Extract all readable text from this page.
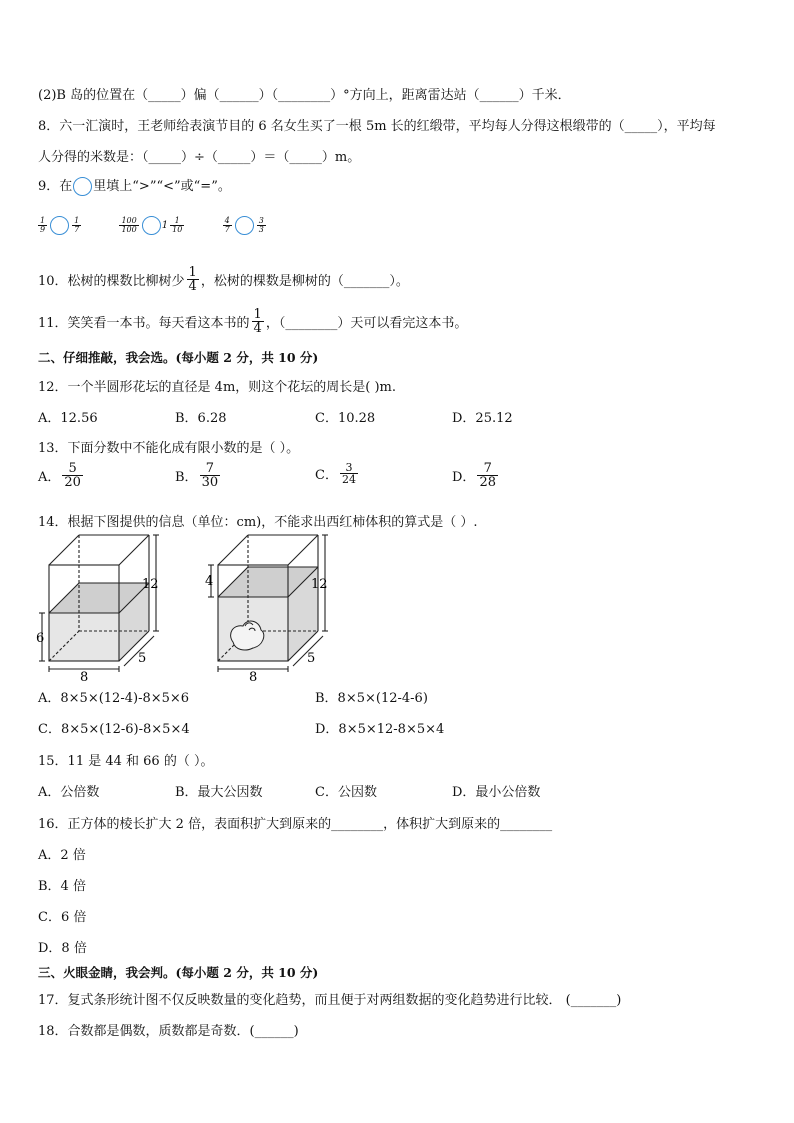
(2)B 岛的位置在（_____）偏（______）（________）°方向上，距离雷达站（______）千米．
8．六一汇演时，王老师给表演节目的 6 名女生买了一根 5m 长的红缎带，平均每人分得这根缎带的（_____），平均每
人分得的米数是：（_____）÷（_____）＝（_____）m。
9．在 里填上“>”“<”或“=”。
$\frac{1}{9}$	$\frac{1}{7}$
	$\frac{100}{100} 1 \frac{1}{10}$
	$\frac{4}{7}$	$\frac{3}{3}$
10．松树的棵数比柳树少 $\frac{1}{4}$ ，松树的棵数是柳树的（_______）。
11．笑笑看一本书。每天看这本书的 $\frac{1}{4}$ ，（________）天可以看完这本书。
二、仔细推敲，我会选。(每小题 2 分，共 10 分)
12．一个半圆形花坛的直径是 4m，则这个花坛的周长是( )m.
A．12.56	B．6.28	C．10.28	D．25.12
13．下面分数中不能化成有限小数的是（ ）。
A． $\frac{5}{20}$	B． $\frac{7}{30}$	C． $\frac{3}{24}$	D． $\frac{7}{28}$
14．根据下图提供的信息（单位：cm)，不能求出西红柿体积的算式是（ ）.
12
6
8
5
12
4
8
5
A．8×5×(12-4)-8×5×6	B．8×5×(12-4-6)
C．8×5×(12-6)-8×5×4	D．8×5×12-8×5×4
15．11 是 44 和 66 的（ ）。
A．公倍数	B．最大公因数	C．公因数	D．最小公倍数
16．正方体的棱长扩大 2 倍，表面积扩大到原来的________，体积扩大到原来的________
A．2 倍
B．4 倍
C．6 倍
D．8 倍
三、火眼金睛，我会判。(每小题 2 分，共 10 分)
17．复式条形统计图不仅反映数量的变化趋势，而且便于对两组数据的变化趋势进行比较． (_______)
18．合数都是偶数，质数都是奇数．(______)
